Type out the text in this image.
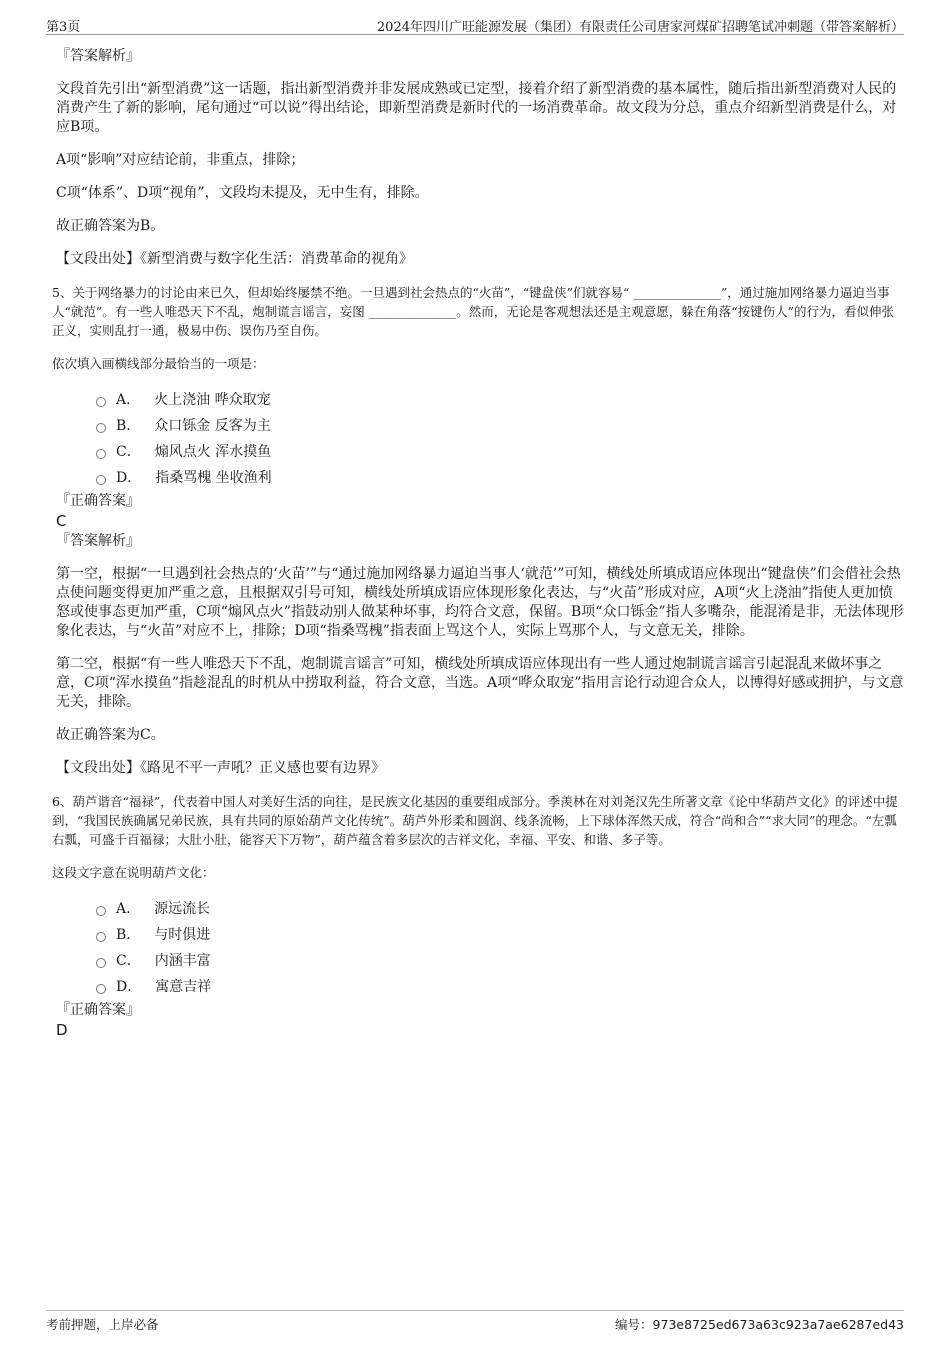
第3页	2024年四川广旺能源发展（集团）有限责任公司唐家河煤矿招聘笔试冲刺题（带答案解析）

『答案解析』

文段首先引出“新型消费”这一话题，指出新型消费并非发展成熟或已定型，接着介绍了新型消费的基本属性，随后指出新型消费对人民的消费产生了新的影响，尾句通过“可以说”得出结论，即新型消费是新时代的一场消费革命。故文段为分总，重点介绍新型消费是什么，对应B项。

A项“影响”对应结论前，非重点，排除；

C项“体系”、D项“视角”，文段均未提及，无中生有，排除。

故正确答案为B。

【文段出处】《新型消费与数字化生活：消费革命的视角》

5、关于网络暴力的讨论由来已久，但却始终屡禁不绝。一旦遇到社会热点的“火苗”，“键盘侠”们就容易“ ______________”，通过施加网络暴力逼迫当事人“就范”。有一些人唯恐天下不乱，炮制谎言谣言，妄图 ______________。然而，无论是客观想法还是主观意愿，躲在角落“按键伤人”的行为，看似伸张正义，实则乱打一通，极易中伤、误伤乃至自伤。

依次填入画横线部分最恰当的一项是：

A． 火上浇油 哗众取宠
B． 众口铄金 反客为主
C． 煽风点火 浑水摸鱼
D． 指桑骂槐 坐收渔利

『正确答案』

C

『答案解析』

第一空，根据“一旦遇到社会热点的‘火苗’”与“通过施加网络暴力逼迫当事人‘就范’”可知，横线处所填成语应体现出“键盘侠”们会借社会热点使问题变得更加严重之意，且根据双引号可知，横线处所填成语应体现形象化表达，与“火苗”形成对应，A项“火上浇油”指使人更加愤怒或使事态更加严重，C项“煽风点火”指鼓动别人做某种坏事，均符合文意，保留。B项“众口铄金”指人多嘴杂，能混淆是非，无法体现形象化表达，与“火苗”对应不上，排除；D项“指桑骂槐”指表面上骂这个人，实际上骂那个人，与文意无关，排除。

第二空，根据“有一些人唯恐天下不乱，炮制谎言谣言”可知，横线处所填成语应体现出有一些人通过炮制谎言谣言引起混乱来做坏事之意，C项“浑水摸鱼”指趁混乱的时机从中捞取利益，符合文意，当选。A项“哗众取宠”指用言论行动迎合众人，以博得好感或拥护，与文意无关，排除。

故正确答案为C。

【文段出处】《路见不平一声吼？正义感也要有边界》

6、葫芦谐音“福禄”，代表着中国人对美好生活的向往，是民族文化基因的重要组成部分。季羡林在对刘尧汉先生所著文章《论中华葫芦文化》的评述中提到，“我国民族确属兄弟民族，具有共同的原始葫芦文化传统”。葫芦外形柔和圆润、线条流畅，上下球体浑然天成，符合“尚和合”“求大同”的理念。“左瓢右瓢，可盛千百福禄；大肚小肚，能容天下万物”，葫芦蕴含着多层次的吉祥文化，幸福、平安、和谐、多子等。

这段文字意在说明葫芦文化：

A． 源远流长
B． 与时俱进
C． 内涵丰富
D． 寓意吉祥

『正确答案』

D

考前押题，上岸必备	编号：973e8725ed673a63c923a7ae6287ed43
